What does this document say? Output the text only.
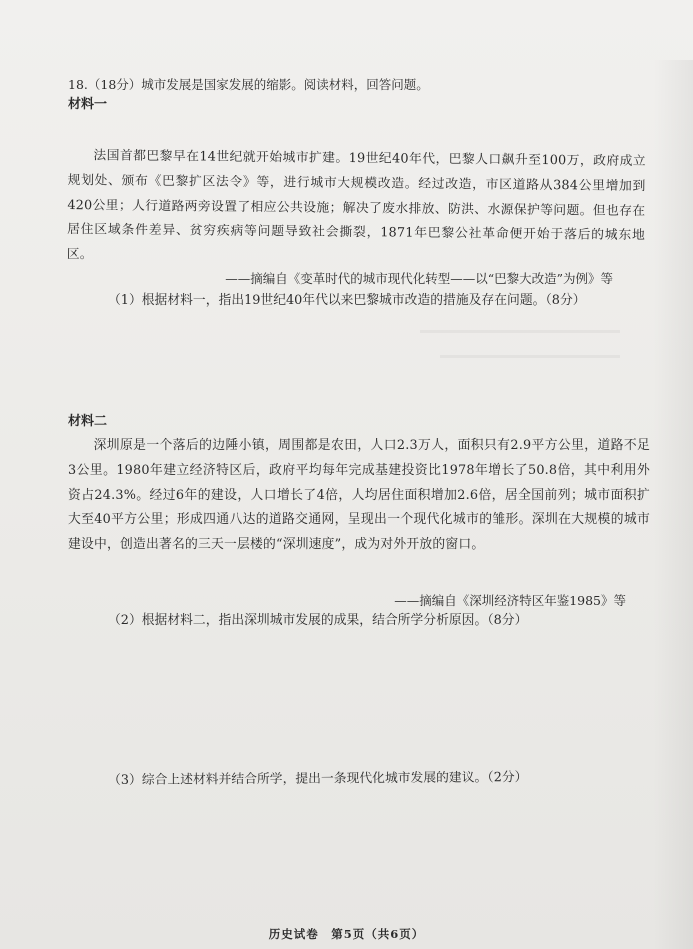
18.（18分）城市发展是国家发展的缩影。阅读材料，回答问题。
材料一
法国首都巴黎早在14世纪就开始城市扩建。19世纪40年代，巴黎人口飙升至100万，政府成立规划处、颁布《巴黎扩区法令》等，进行城市大规模改造。经过改造，市区道路从384公里增加到420公里；人行道路两旁设置了相应公共设施；解决了废水排放、防洪、水源保护等问题。但也存在居住区域条件差异、贫穷疾病等问题导致社会撕裂，1871年巴黎公社革命便开始于落后的城东地区。
——摘编自《变革时代的城市现代化转型——以“巴黎大改造”为例》等
（1）根据材料一，指出19世纪40年代以来巴黎城市改造的措施及存在问题。（8分）
材料二
深圳原是一个落后的边陲小镇，周围都是农田，人口2.3万人，面积只有2.9平方公里，道路不足3公里。1980年建立经济特区后，政府平均每年完成基建投资比1978年增长了50.8倍，其中利用外资占24.3%。经过6年的建设，人口增长了4倍，人均居住面积增加2.6倍，居全国前列；城市面积扩大至40平方公里；形成四通八达的道路交通网，呈现出一个现代化城市的雏形。深圳在大规模的城市建设中，创造出著名的三天一层楼的“深圳速度”，成为对外开放的窗口。
——摘编自《深圳经济特区年鉴1985》等
（2）根据材料二，指出深圳城市发展的成果，结合所学分析原因。（8分）
（3）综合上述材料并结合所学，提出一条现代化城市发展的建议。（2分）
历史试卷　第5页（共6页）
